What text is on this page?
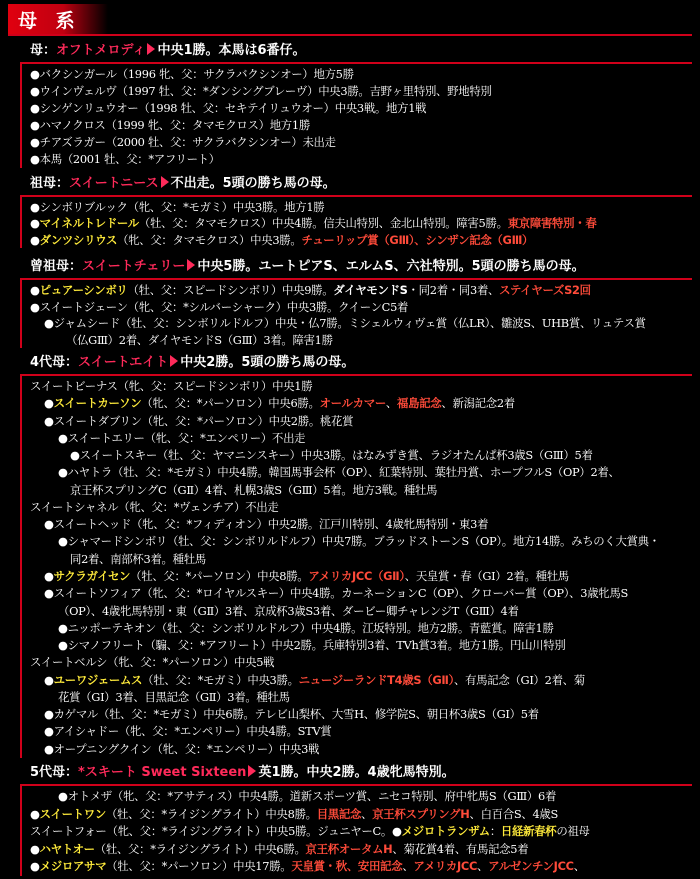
母 系
母：オフトメロディ 中央1勝。本馬は6番仔。
●バクシンガール（1996 牝、父：サクラバクシンオー）地方5勝
●ウインヴェルヴ（1997 牡、父：*ダンシングブレーヴ）中央3勝。吉野ヶ里特別、野地特別
●シンゲンリュウオー（1998 牡、父：セキテイリュウオー）中央3戦。地方1戦
●ハマノクロス（1999 牝、父：タマモクロス）地方1勝
●チアズラガー（2000 牡、父：サクラバクシンオー）未出走
●本馬（2001 牡、父：*アフリート）
祖母：スイートニース 不出走。5頭の勝ち馬の母。
●シンボリブルック（牝、父：*モガミ）中央3勝。地方1勝
●マイネルトレドール（牡、父：タマモクロス）中央4勝。信夫山特別、金北山特別。障害5勝。東京障害特別・春
●ダンツシリウス（牝、父：タマモクロス）中央3勝。チューリップ賞（GⅢ）、シンザン記念（GⅢ）
曾祖母：スイートチェリー 中央5勝。ユートピアS、エルムS、六社特別。5頭の勝ち馬の母。
●ピュアーシンボリ（牡、父：スピードシンボリ）中央9勝。ダイヤモンドS・同2着・同3着、ステイヤーズS2回
●スイートジェーン（牝、父：*シルバーシャーク）中央3勝。クイーンC5着
●ジャムシード（牡、父：シンボリルドルフ）中央・仏7勝。ミシェルウィヴェ賞（仏LR）、雛波S、UHB賞、リュテス賞
（仏GⅢ）2着、ダイヤモンドS（GⅢ）3着。障害1勝
4代母：スイートエイト 中央2勝。5頭の勝ち馬の母。
スイートビーナス（牝、父：スピードシンボリ）中央1勝
●スイートカーソン（牝、父：*パーソロン）中央6勝。オールカマー、福島記念、新潟記念2着
●スイートダブリン（牝、父：*パーソロン）中央2勝。桃花賞
●スイートエリー（牝、父：*エンペリー）不出走
●スイートスキー（牡、父：ヤマニンスキー）中央3勝。はなみずき賞、ラジオたんぱ杯3歳S（GⅢ）5着
●ハヤトラ（牡、父：*モガミ）中央4勝。韓国馬事会杯（OP）、紅葉特別、葉牡丹賞、ホープフルS（OP）2着、
京王杯スプリングC（GⅡ）4着、札幌3歳S（GⅢ）5着。地方3戦。種牡馬
スイートシャネル（牝、父：*ヴェンチア）不出走
●スイートヘッド（牝、父：*フィディオン）中央2勝。江戸川特別、4歳牝馬特別・東3着
●シャマードシンボリ（牡、父：シンボリルドルフ）中央7勝。ブラッドストーンS（OP）。地方14勝。みちのく大賞典・
同2着、南部杯3着。種牡馬
●サクラガイセン（牡、父：*パーソロン）中央8勝。アメリカJCC（GⅡ）、天皇賞・春（GⅠ）2着。種牡馬
●スイートソフィア（牝、父：*ロイヤルスキー）中央4勝。カーネーションC（OP）、クローバー賞（OP）、3歳牝馬S
（OP）、4歳牝馬特別・東（GⅡ）3着、京成杯3歳S3着、ダービー卿チャレンジT（GⅢ）4着
●ニッポーテキオン（牡、父：シンボリルドルフ）中央4勝。江坂特別。地方2勝。青藍賞。障害1勝
●シマノフリート（騸、父：*アフリート）中央2勝。兵庫特別3着、TVh賞3着。地方1勝。円山川特別
スイートベルシ（牝、父：*パーソロン）中央5戦
●ユーワジェームス（牡、父：*モガミ）中央3勝。ニュージーランドT4歳S（GⅡ）、有馬記念（GⅠ）2着、菊
花賞（GⅠ）3着、目黒記念（GⅡ）3着。種牡馬
●カゲマル（牡、父：*モガミ）中央6勝。テレビ山梨杯、大雪H、修学院S、朝日杯3歳S（GⅠ）5着
●アイシャドー（牝、父：*エンペリー）中央4勝。STV賞
●オープニングクイン（牝、父：*エンペリー）中央3戦
5代母：*スキート Sweet Sixteen 英1勝。中央2勝。4歳牝馬特別。
●オトメザ（牝、父：*アサティス）中央4勝。道新スポーツ賞、ニセコ特別、府中牝馬S（GⅢ）6着
●スイートワン（牡、父：*ライジングライト）中央8勝。目黒記念、京王杯スプリングH、白百合S、4歳S
スイートフォー（牝、父：*ライジングライト）中央5勝。ジュニヤーC。●メジロトランザム：日経新春杯の祖母
●ハヤトオー（牡、父：*ライジングライト）中央6勝。京王杯オータムH、菊花賞4着、有馬記念5着
●メジロアサマ（牡、父：*パーソロン）中央17勝。天皇賞・秋、安田記念、アメリカJCC、アルゼンチンJCC、
